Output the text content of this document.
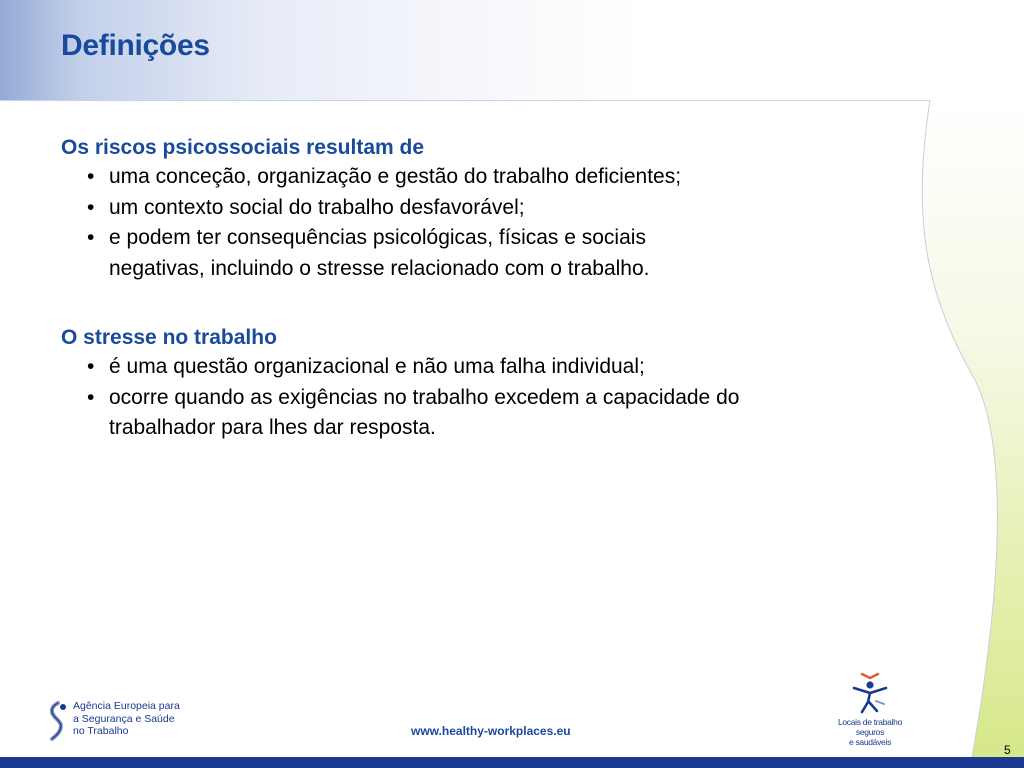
Definições

Os riscos psicossociais resultam de

• uma conceção, organização e gestão do trabalho deficientes;
• um contexto social do trabalho desfavorável;
• e podem ter consequências psicológicas, físicas e sociais
negativas, incluindo o stresse relacionado com o trabalho.

O stresse no trabalho

• é uma questão organizacional e não uma falha individual;
• ocorre quando as exigências no trabalho excedem a capacidade do
trabalhador para lhes dar resposta.
Agência Europeia para
a Segurança e Saúde
no Trabalho	www.healthy-workplaces.eu
Locais de trabalho seguros
e saudáveis
5
